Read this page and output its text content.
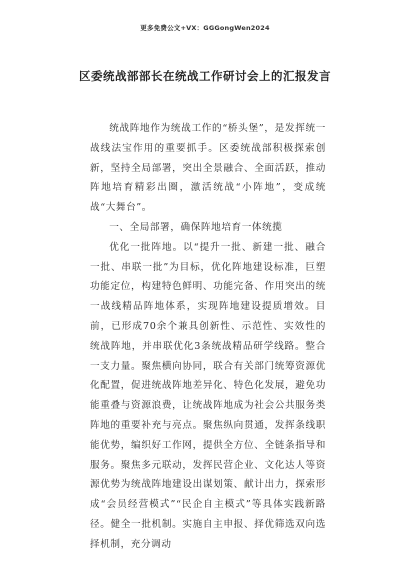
更多免费公文+VX：GGGongWen2024
区委统战部部长在统战工作研讨会上的汇报发言

统战阵地作为统战工作的“桥头堡”，是发挥统一战线法宝作用的重要抓手。区委统战部积极探索创新，坚持全局部署，突出全景融合、全面活跃，推动阵地培育精彩出圈，激活统战“小阵地”，变成统战“大舞台”。

一、全局部署，确保阵地培育一体统揽

优化一批阵地。以“提升一批、新建一批、融合一批、串联一批”为目标，优化阵地建设标准，巨塑功能定位，构建特色鲜明、功能完备、作用突出的统一战线精品阵地体系，实现阵地建设提质增效。目前，已形成70余个兼具创新性、示范性、实效性的统战阵地，并串联优化3条统战精品研学线路。整合一支力量。聚焦横向协同，联合有关部门统筹资源优化配置，促进统战阵地差异化、特色化发展，避免功能重叠与资源浪费，让统战阵地成为社会公共服务类阵地的重要补充与亮点。聚焦纵向贯通，发挥条线职能优势，编织好工作网，提供全方位、全链条指导和服务。聚焦多元联动，发挥民营企业、文化达人等资源优势为统战阵地建设出谋划策、献计出力，探索形成“会员经营模式”“民企自主模式”等具体实践新路径。健全一批机制。实施自主申报、择优筛选双向选择机制，充分调动
